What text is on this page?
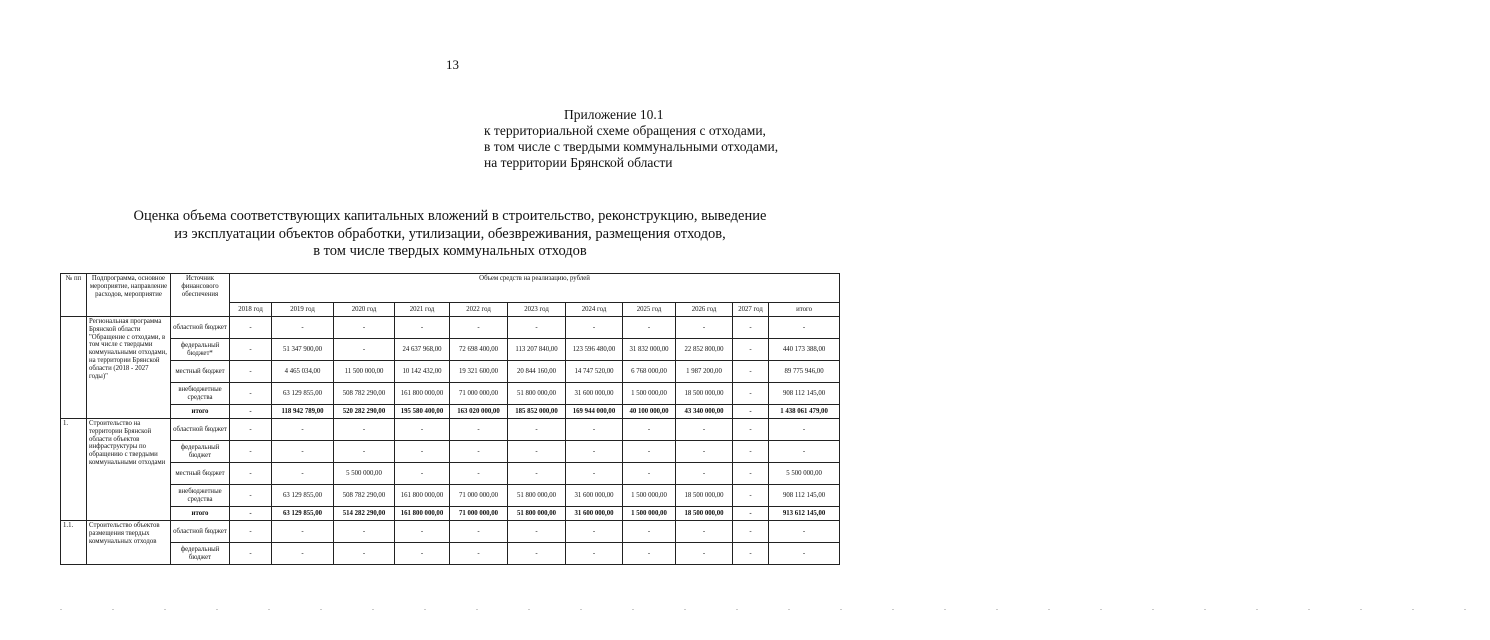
13
Приложение 10.1
к территориальной схеме обращения с отходами,
в том числе с твердыми коммунальными отходами,
на территории Брянской области
Оценка объема соответствующих капитальных вложений в строительство, реконструкцию, выведение
из эксплуатации объектов обработки, утилизации, обезвреживания, размещения отходов,
в том числе твердых коммунальных отходов
№ пп	Подпрограмма, основное мероприятие, направление расходов, мероприятие	Источник финансового обеспечения	Объем средств на реализацию, рублей										
			2018 год	2019 год	2020 год	2021 год	2022 год	2023 год	2024 год	2025 год	2026 год	2027 год	итого
	Региональная программа Брянской области "Обращение с отходами, в том числе с твердыми коммунальными отходами, на территории Брянской области (2018 - 2027 годы)"	областной бюджет	-	-	-	-	-	-	-	-	-	-	-
		федеральный бюджет*	-	51 347 900,00	-	24 637 968,00	72 698 400,00	113 207 840,00	123 596 480,00	31 832 000,00	22 852 800,00	-	440 173 388,00
		местный бюджет	-	4 465 034,00	11 500 000,00	10 142 432,00	19 321 600,00	20 844 160,00	14 747 520,00	6 768 000,00	1 987 200,00	-	89 775 946,00
		внебюджетные средства	-	63 129 855,00	508 782 290,00	161 800 000,00	71 000 000,00	51 800 000,00	31 600 000,00	1 500 000,00	18 500 000,00	-	908 112 145,00
		итого	-	118 942 789,00	520 282 290,00	195 580 400,00	163 020 000,00	185 852 000,00	169 944 000,00	40 100 000,00	43 340 000,00	-	1 438 061 479,00
1.	Строительство на территории Брянской области объектов инфраструктуры по обращению с твердыми коммунальными отходами	областной бюджет	-	-	-	-	-	-	-	-	-	-	-
		федеральный бюджет	-	-	-	-	-	-	-	-	-	-	-
		местный бюджет	-	-	5 500 000,00	-	-	-	-	-	-	-	5 500 000,00
		внебюджетные средства	-	63 129 855,00	508 782 290,00	161 800 000,00	71 000 000,00	51 800 000,00	31 600 000,00	1 500 000,00	18 500 000,00	-	908 112 145,00
		итого	-	63 129 855,00	514 282 290,00	161 800 000,00	71 000 000,00	51 800 000,00	31 600 000,00	1 500 000,00	18 500 000,00	-	913 612 145,00
1.1.	Строительство объектов размещения твердых коммунальных отходов	областной бюджет	-	-	-	-	-	-	-	-	-	-	-
		федеральный бюджет	-	-	-	-	-	-	-	-	-	-	-
. . . . . . . . . . . . . . . . . . . . . . . . . . . .
